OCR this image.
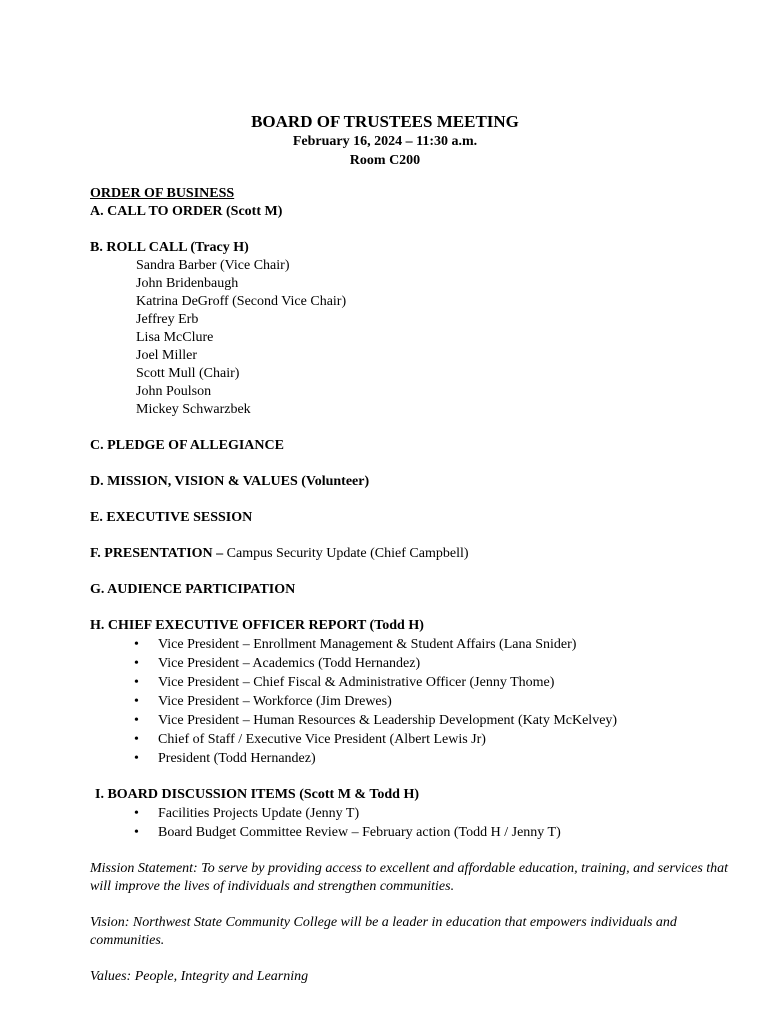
BOARD OF TRUSTEES MEETING
February 16, 2024 – 11:30 a.m.
Room C200
ORDER OF BUSINESS
A. CALL TO ORDER (Scott M)
B. ROLL CALL (Tracy H)
Sandra Barber (Vice Chair)
John Bridenbaugh
Katrina DeGroff (Second Vice Chair)
Jeffrey Erb
Lisa McClure
Joel Miller
Scott Mull (Chair)
John Poulson
Mickey Schwarzbek
C. PLEDGE OF ALLEGIANCE
D. MISSION, VISION & VALUES (Volunteer)
E. EXECUTIVE SESSION
F. PRESENTATION – Campus Security Update (Chief Campbell)
G. AUDIENCE PARTICIPATION
H. CHIEF EXECUTIVE OFFICER REPORT (Todd H)
• Vice President – Enrollment Management & Student Affairs (Lana Snider)
• Vice President – Academics (Todd Hernandez)
• Vice President – Chief Fiscal & Administrative Officer (Jenny Thome)
• Vice President – Workforce (Jim Drewes)
• Vice President – Human Resources & Leadership Development (Katy McKelvey)
• Chief of Staff / Executive Vice President (Albert Lewis Jr)
• President (Todd Hernandez)
I. BOARD DISCUSSION ITEMS (Scott M & Todd H)
• Facilities Projects Update (Jenny T)
• Board Budget Committee Review – February action (Todd H / Jenny T)

Mission Statement: To serve by providing access to excellent and affordable education, training, and services that will improve the lives of individuals and strengthen communities.

Vision: Northwest State Community College will be a leader in education that empowers individuals and communities.

Values: People, Integrity and Learning
